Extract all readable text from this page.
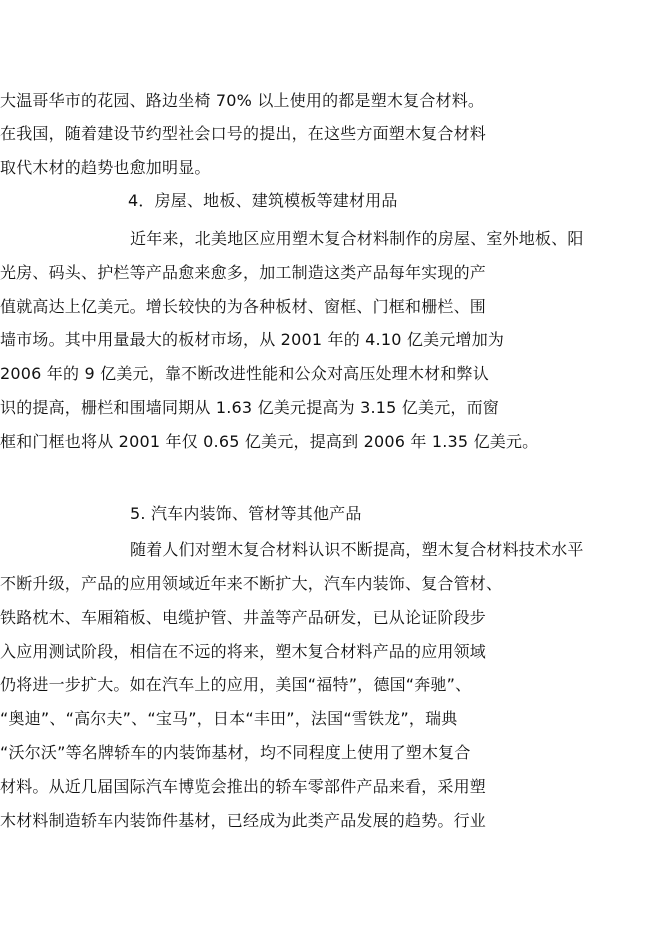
大温哥华市的花园、路边坐椅 70% 以上使用的都是塑木复合材料。
在我国，随着建设节约型社会口号的提出，在这些方面塑木复合材料
取代木材的趋势也愈加明显。
4．房屋、地板、建筑模板等建材用品
近年来，北美地区应用塑木复合材料制作的房屋、室外地板、阳
光房、码头、护栏等产品愈来愈多，加工制造这类产品每年实现的产
值就高达上亿美元。增长较快的为各种板材、窗框、门框和栅栏、围
墙市场。其中用量最大的板材市场，从 2001 年的 4.10 亿美元增加为
2006 年的 9 亿美元，靠不断改进性能和公众对高压处理木材和弊认
识的提高，栅栏和围墙同期从 1.63 亿美元提高为 3.15 亿美元，而窗
框和门框也将从 2001 年仅 0.65 亿美元，提高到 2006 年 1.35 亿美元。
5. 汽车内装饰、管材等其他产品
随着人们对塑木复合材料认识不断提高，塑木复合材料技术水平
不断升级，产品的应用领域近年来不断扩大，汽车内装饰、复合管材、
铁路枕木、车厢箱板、电缆护管、井盖等产品研发，已从论证阶段步
入应用测试阶段，相信在不远的将来，塑木复合材料产品的应用领域
仍将进一步扩大。如在汽车上的应用，美国“福特”，德国“奔驰”、
“奥迪”、“高尔夫”、“宝马”，日本“丰田”，法国“雪铁龙”，瑞典
“沃尔沃”等名牌轿车的内装饰基材，均不同程度上使用了塑木复合
材料。从近几届国际汽车博览会推出的轿车零部件产品来看，采用塑
木材料制造轿车内装饰件基材，已经成为此类产品发展的趋势。行业
